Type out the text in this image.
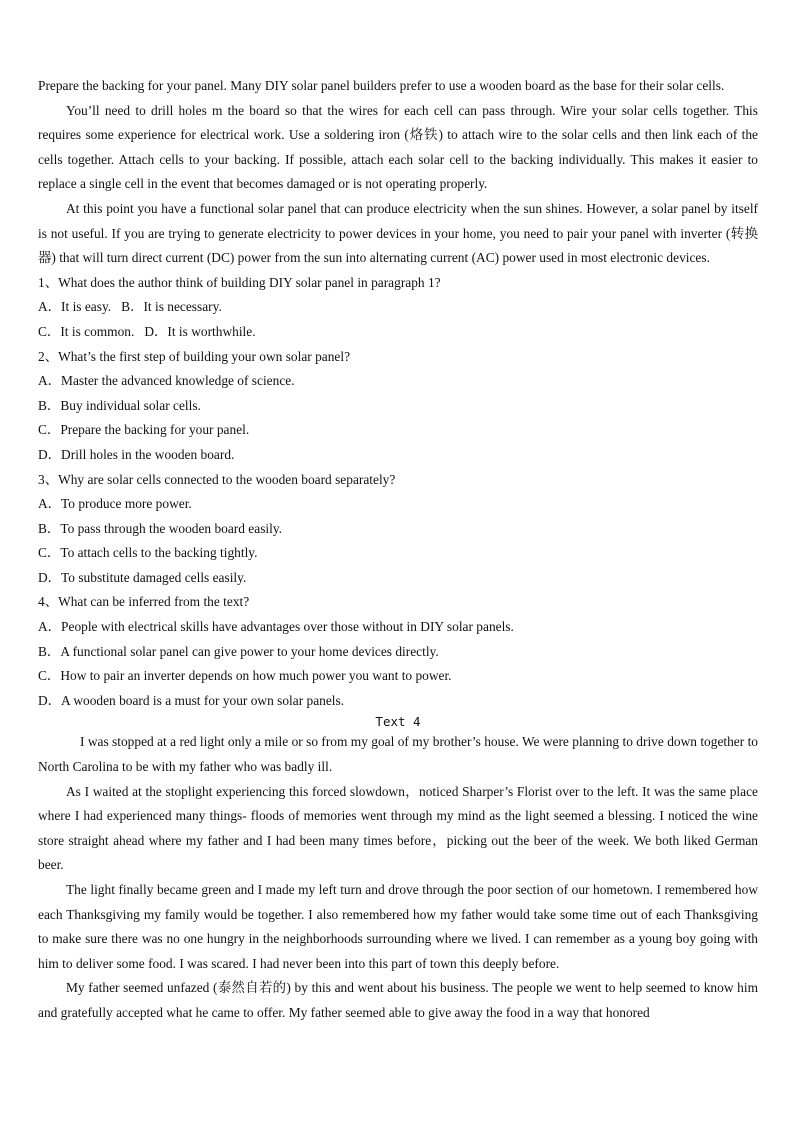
Prepare the backing for your panel. Many DIY solar panel builders prefer to use a wooden board as the base for their solar cells.

You’ll need to drill holes m the board so that the wires for each cell can pass through. Wire your solar cells together. This requires some experience for electrical work. Use a soldering iron (烙铁) to attach wire to the solar cells and then link each of the cells together. Attach cells to your backing. If possible, attach each solar cell to the backing individually. This makes it easier to replace a single cell in the event that becomes damaged or is not operating properly.

At this point you have a functional solar panel that can produce electricity when the sun shines. However, a solar panel by itself is not useful. If you are trying to generate electricity to power devices in your home, you need to pair your panel with inverter (转换器) that will turn direct current (DC) power from the sun into alternating current (AC) power used in most electronic devices.

1、What does the author think of building DIY solar panel in paragraph 1?

A．It is easy. B．It is necessary.

C．It is common. D．It is worthwhile.

2、What’s the first step of building your own solar panel?

A．Master the advanced knowledge of science.

B．Buy individual solar cells.

C．Prepare the backing for your panel.

D．Drill holes in the wooden board.

3、Why are solar cells connected to the wooden board separately?

A．To produce more power.

B．To pass through the wooden board easily.

C．To attach cells to the backing tightly.

D．To substitute damaged cells easily.

4、What can be inferred from the text?

A．People with electrical skills have advantages over those without in DIY solar panels.

B．A functional solar panel can give power to your home devices directly.

C．How to pair an inverter depends on how much power you want to power.

D．A wooden board is a must for your own solar panels.

Text 4

I was stopped at a red light only a mile or so from my goal of my brother’s house. We were planning to drive down together to North Carolina to be with my father who was badly ill.

As I waited at the stoplight experiencing this forced slowdown，noticed Sharper’s Florist over to the left. It was the same place where I had experienced many things- floods of memories went through my mind as the light seemed a blessing. I noticed the wine store straight ahead where my father and I had been many times before，picking out the beer of the week. We both liked German beer.

The light finally became green and I made my left turn and drove through the poor section of our hometown. I remembered how each Thanksgiving my family would be together. I also remembered how my father would take some time out of each Thanksgiving to make sure there was no one hungry in the neighborhoods surrounding where we lived. I can remember as a young boy going with him to deliver some food. I was scared. I had never been into this part of town this deeply before.

My father seemed unfazed (泰然自若的) by this and went about his business. The people we went to help seemed to know him and gratefully accepted what he came to offer. My father seemed able to give away the food in a way that honored
